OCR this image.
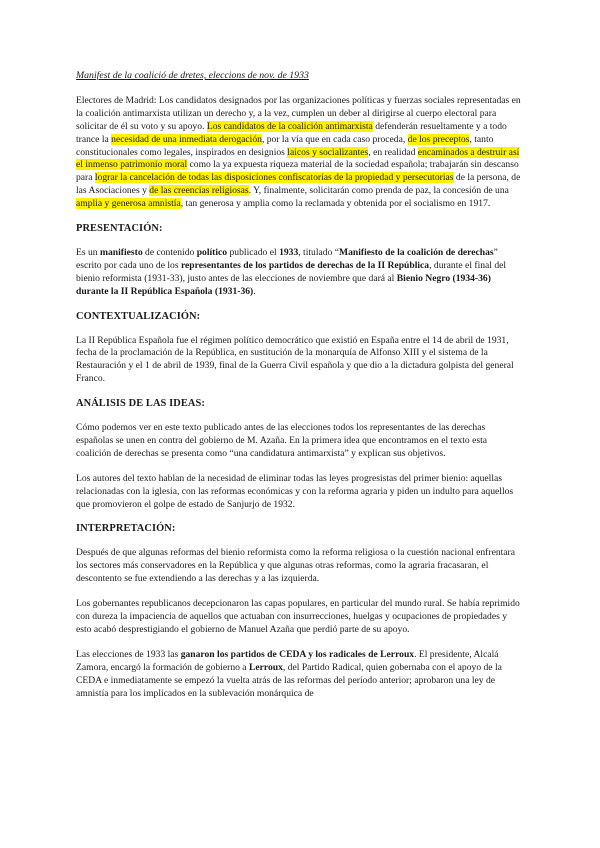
Manifest de la coalició de dretes, eleccions de nov. de 1933

Electores de Madrid: Los candidatos designados por las organizaciones políticas y fuerzas sociales representadas en la coalición antimarxista utilizan un derecho y, a la vez, cumplen un deber al dirigirse al cuerpo electoral para solicitar de él su voto y su apoyo. Los candidatos de la coalición antimarxista defenderán resueltamente y a todo trance la necesidad de una inmediata derogación, por la vía que en cada caso proceda, de los preceptos, tanto constitucionales como legales, inspirados en designios laicos y socializantes, en realidad encaminados a destruir así el inmenso patrimonio moral como la ya expuesta riqueza material de la sociedad española; trabajarán sin descanso para lograr la cancelación de todas las disposiciones confiscatorias de la propiedad y persecutorias de la persona, de las Asociaciones y de las creencias religiosas. Y, finalmente, solicitarán como prenda de paz, la concesión de una amplia y generosa amnistía, tan generosa y amplia como la reclamada y obtenida por el socialismo en 1917.

PRESENTACIÓN:

Es un manifiesto de contenido político publicado el 1933, titulado “Manifiesto de la coalición de derechas” escrito por cada uno de los representantes de los partidos de derechas de la II República, durante el final del bienio reformista (1931-33), justo antes de las elecciones de noviembre que dará al Bienio Negro (1934-36) durante la II República Española (1931-36).

CONTEXTUALIZACIÓN:

La II República Española fue el régimen político democrático que existió en España entre el 14 de abril de 1931, fecha de la proclamación de la República, en sustitución de la monarquía de Alfonso XIII y el sistema de la Restauración y el 1 de abril de 1939, final de la Guerra Civil española y que dio a la dictadura golpista del general Franco.

ANÁLISIS DE LAS IDEAS:

Cómo podemos ver en este texto publicado antes de las elecciones todos los representantes de las derechas españolas se unen en contra del gobierno de M. Azaña. En la primera idea que encontramos en el texto esta coalición de derechas se presenta como “una candidatura antimarxista” y explican sus objetivos.

Los autores del texto hablan de la necesidad de eliminar todas las leyes progresistas del primer bienio: aquellas relacionadas con la iglesia, con las reformas económicas y con la reforma agraria y piden un indulto para aquellos que promovieron el golpe de estado de Sanjurjo de 1932.

INTERPRETACIÓN:

Después de que algunas reformas del bienio reformista como la reforma religiosa o la cuestión nacional enfrentara los sectores más conservadores en la República y que algunas otras reformas, como la agraria fracasaran, el descontento se fue extendiendo a las derechas y a las izquierda.

Los gobernantes republicanos decepcionaron las capas populares, en particular del mundo rural. Se había reprimido con dureza la impaciencia de aquellos que actuaban con insurrecciones, huelgas y ocupaciones de propiedades y esto acabó desprestigiando el gobierno de Manuel Azaña que perdió parte de su apoyo.

Las elecciones de 1933 las ganaron los partidos de CEDA y los radicales de Lerroux. El presidente, Alcalá Zamora, encargó la formación de gobierno a Lerroux, del Partido Radical, quien gobernaba con el apoyo de la CEDA e inmediatamente se empezó la vuelta atrás de las reformas del período anterior; aprobaron una ley de amnistía para los implicados en la sublevación monárquica de
